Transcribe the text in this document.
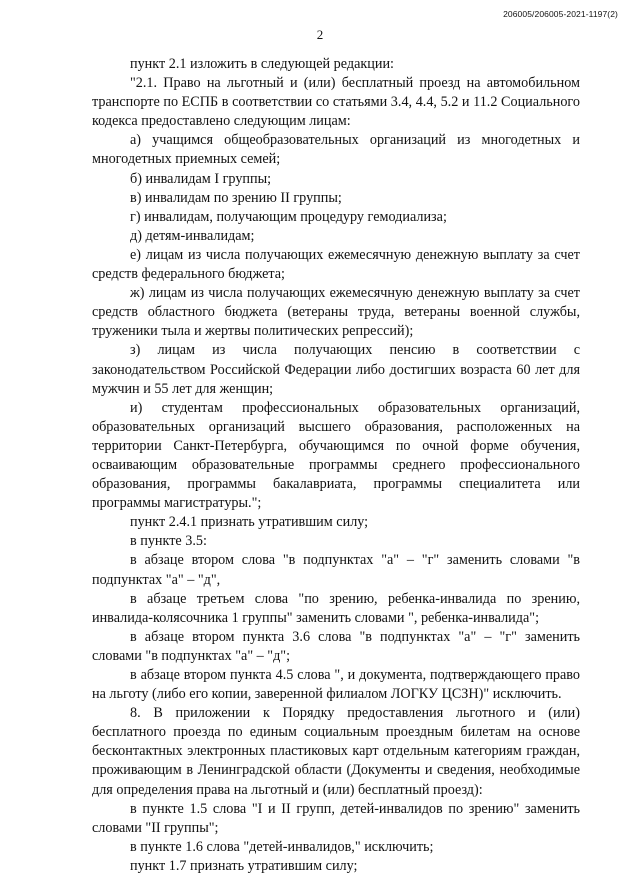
206005/206005-2021-1197(2)
2

пункт 2.1 изложить в следующей редакции:

"2.1. Право на льготный и (или) бесплатный проезд на автомобильном транспорте по ЕСПБ в соответствии со статьями 3.4, 4.4, 5.2 и 11.2 Социального кодекса предоставлено следующим лицам:

а) учащимся общеобразовательных организаций из многодетных и многодетных приемных семей;

б) инвалидам I группы;

в) инвалидам по зрению II группы;

г) инвалидам, получающим процедуру гемодиализа;

д) детям-инвалидам;

е) лицам из числа получающих ежемесячную денежную выплату за счет средств федерального бюджета;

ж) лицам из числа получающих ежемесячную денежную выплату за счет средств областного бюджета (ветераны труда, ветераны военной службы, труженики тыла и жертвы политических репрессий);

з) лицам из числа получающих пенсию в соответствии с законодательством Российской Федерации либо достигших возраста 60 лет для мужчин и 55 лет для женщин;

и) студентам профессиональных образовательных организаций, образовательных организаций высшего образования, расположенных на территории Санкт-Петербурга, обучающимся по очной форме обучения, осваивающим образовательные программы среднего профессионального образования, программы бакалавриата, программы специалитета или программы магистратуры.";

пункт 2.4.1 признать утратившим силу;

в пункте 3.5:

в абзаце втором слова "в подпунктах "а" – "г" заменить словами "в подпунктах "а" – "д",

в абзаце третьем слова "по зрению, ребенка-инвалида по зрению, инвалида-колясочника 1 группы" заменить словами ", ребенка-инвалида";

в абзаце втором пункта 3.6 слова "в подпунктах "а" – "г" заменить словами "в подпунктах "а" – "д";

в абзаце втором пункта 4.5 слова ", и документа, подтверждающего право на льготу (либо его копии, заверенной филиалом ЛОГКУ ЦСЗН)" исключить.

8. В приложении к Порядку предоставления льготного и (или) бесплатного проезда по единым социальным проездным билетам на основе бесконтактных электронных пластиковых карт отдельным категориям граждан, проживающим в Ленинградской области (Документы и сведения, необходимые для определения права на льготный и (или) бесплатный проезд):

в пункте 1.5 слова "I и II групп, детей-инвалидов по зрению" заменить словами "II группы";

в пункте 1.6 слова "детей-инвалидов," исключить;

пункт 1.7 признать утратившим силу;
